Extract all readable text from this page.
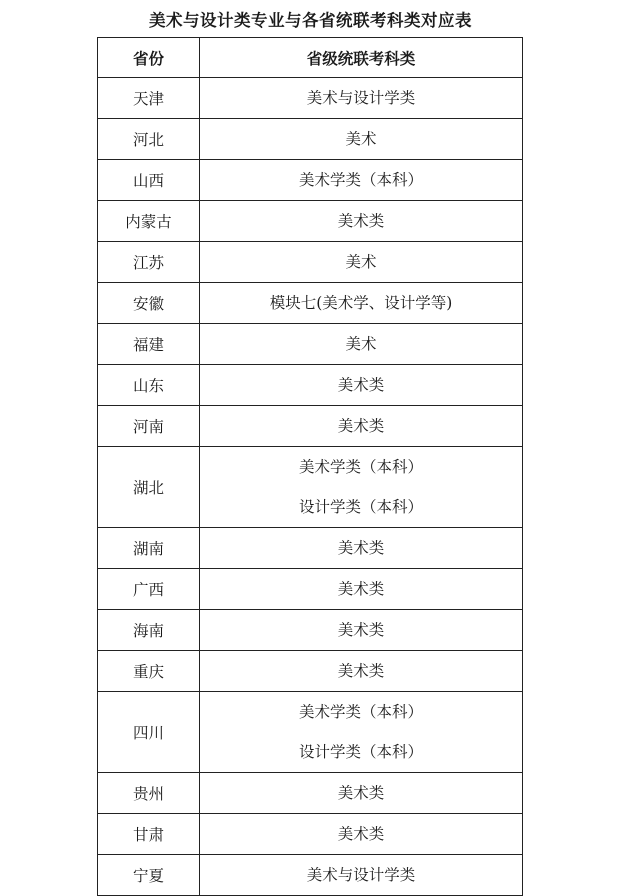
美术与设计类专业与各省统联考科类对应表
省份	省级统联考科类
天津	美术与设计学类

河北	美术

山西	美术学类（本科）

内蒙古	美术类

江苏	美术

安徽	模块七(美术学、设计学等)

福建	美术

山东	美术类

河南	美术类

湖北	美术学类（本科）
设计学类（本科）

湖南	美术类

广西	美术类

海南	美术类

重庆	美术类

四川	美术学类（本科）
设计学类（本科）

贵州	美术类

甘肃	美术类

宁夏	美术与设计学类
